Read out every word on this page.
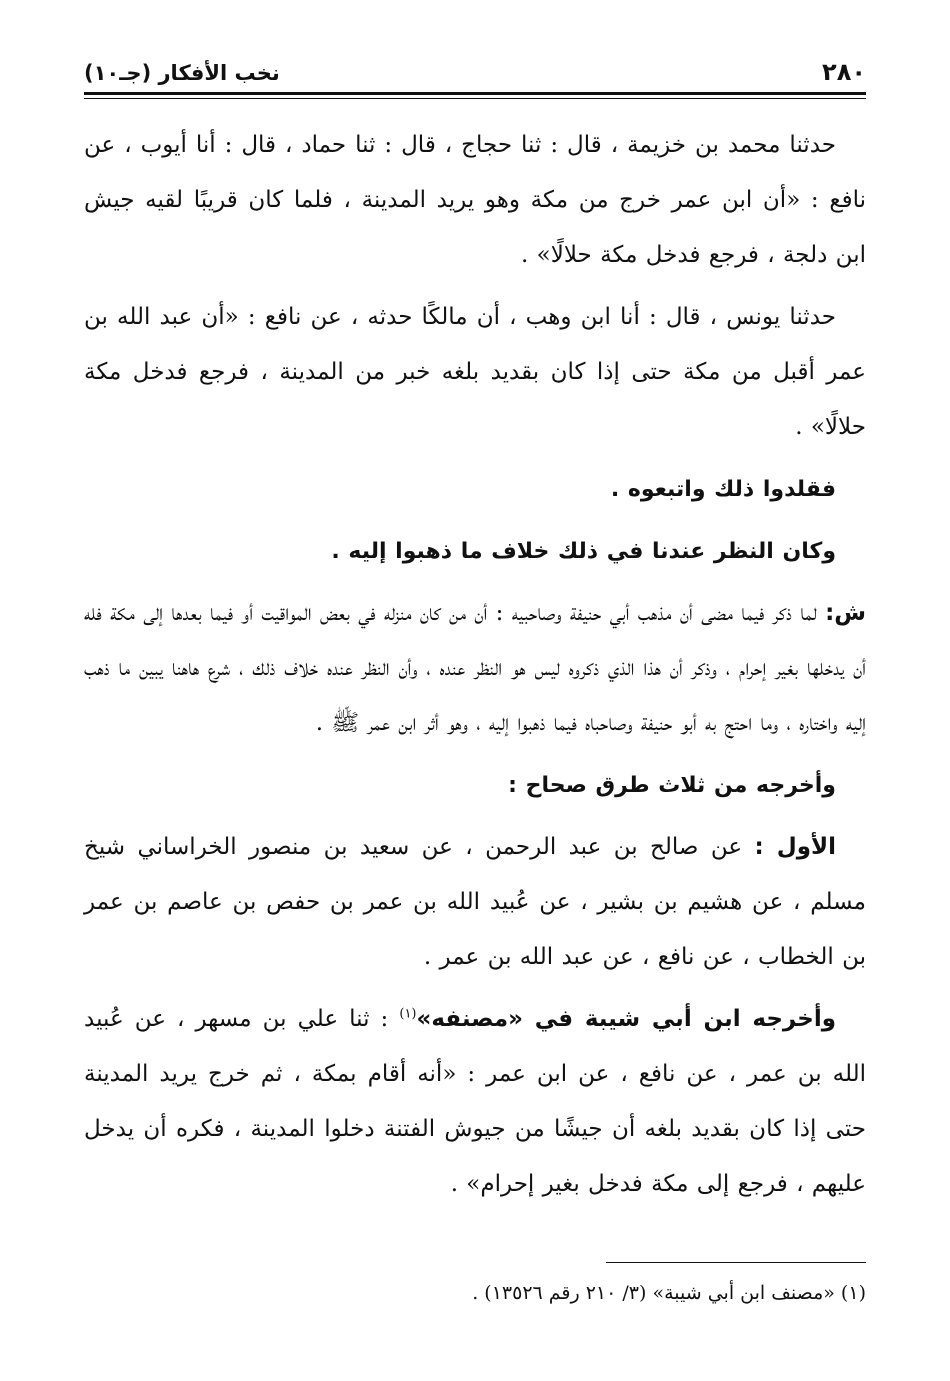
٢٨٠
نخب الأفكار (جـ١٠)

حدثنا محمد بن خزيمة ، قال : ثنا حجاج ، قال : ثنا حماد ، قال : أنا أيوب ، عن نافع : «أن ابن عمر خرج من مكة وهو يريد المدينة ، فلما كان قريبًا لقيه جيش ابن دلجة ، فرجع فدخل مكة حلالًا» .

حدثنا يونس ، قال : أنا ابن وهب ، أن مالكًا حدثه ، عن نافع : «أن عبد الله بن عمر أقبل من مكة حتى إذا كان بقديد بلغه خبر من المدينة ، فرجع فدخل مكة حلالًا» .

فقلدوا ذلك واتبعوه .

وكان النظر عندنا في ذلك خلاف ما ذهبوا إليه .

ش: لما ذكر فيما مضى أن مذهب أبي حنيفة وصاحبيه : أن من كان منزله في بعض المواقيت أو فيما بعدها إلى مكة فله أن يدخلها بغير إحرام ، وذكر أن هذا الذي ذكروه ليس هو النظر عنده ، وأن النظر عنده خلاف ذلك ، شرع هاهنا يبين ما ذهب إليه واختاره ، وما احتج به أبو حنيفة وصاحباه فيما ذهبوا إليه ، وهو أثر ابن عمر ﷺ .

وأخرجه من ثلاث طرق صحاح :

الأول : عن صالح بن عبد الرحمن ، عن سعيد بن منصور الخراساني شيخ مسلم ، عن هشيم بن بشير ، عن عُبيد الله بن عمر بن حفص بن عاصم بن عمر بن الخطاب ، عن نافع ، عن عبد الله بن عمر .

وأخرجه ابن أبي شيبة في «مصنفه»$^{(١)}$ : ثنا علي بن مسهر ، عن عُبيد الله بن عمر ، عن نافع ، عن ابن عمر : «أنه أقام بمكة ، ثم خرج يريد المدينة حتى إذا كان بقديد بلغه أن جيشًا من جيوش الفتنة دخلوا المدينة ، فكره أن يدخل عليهم ، فرجع إلى مكة فدخل بغير إحرام» .

(١) «مصنف ابن أبي شيبة» (٣/ ٢١٠ رقم ١٣٥٢٦) .
